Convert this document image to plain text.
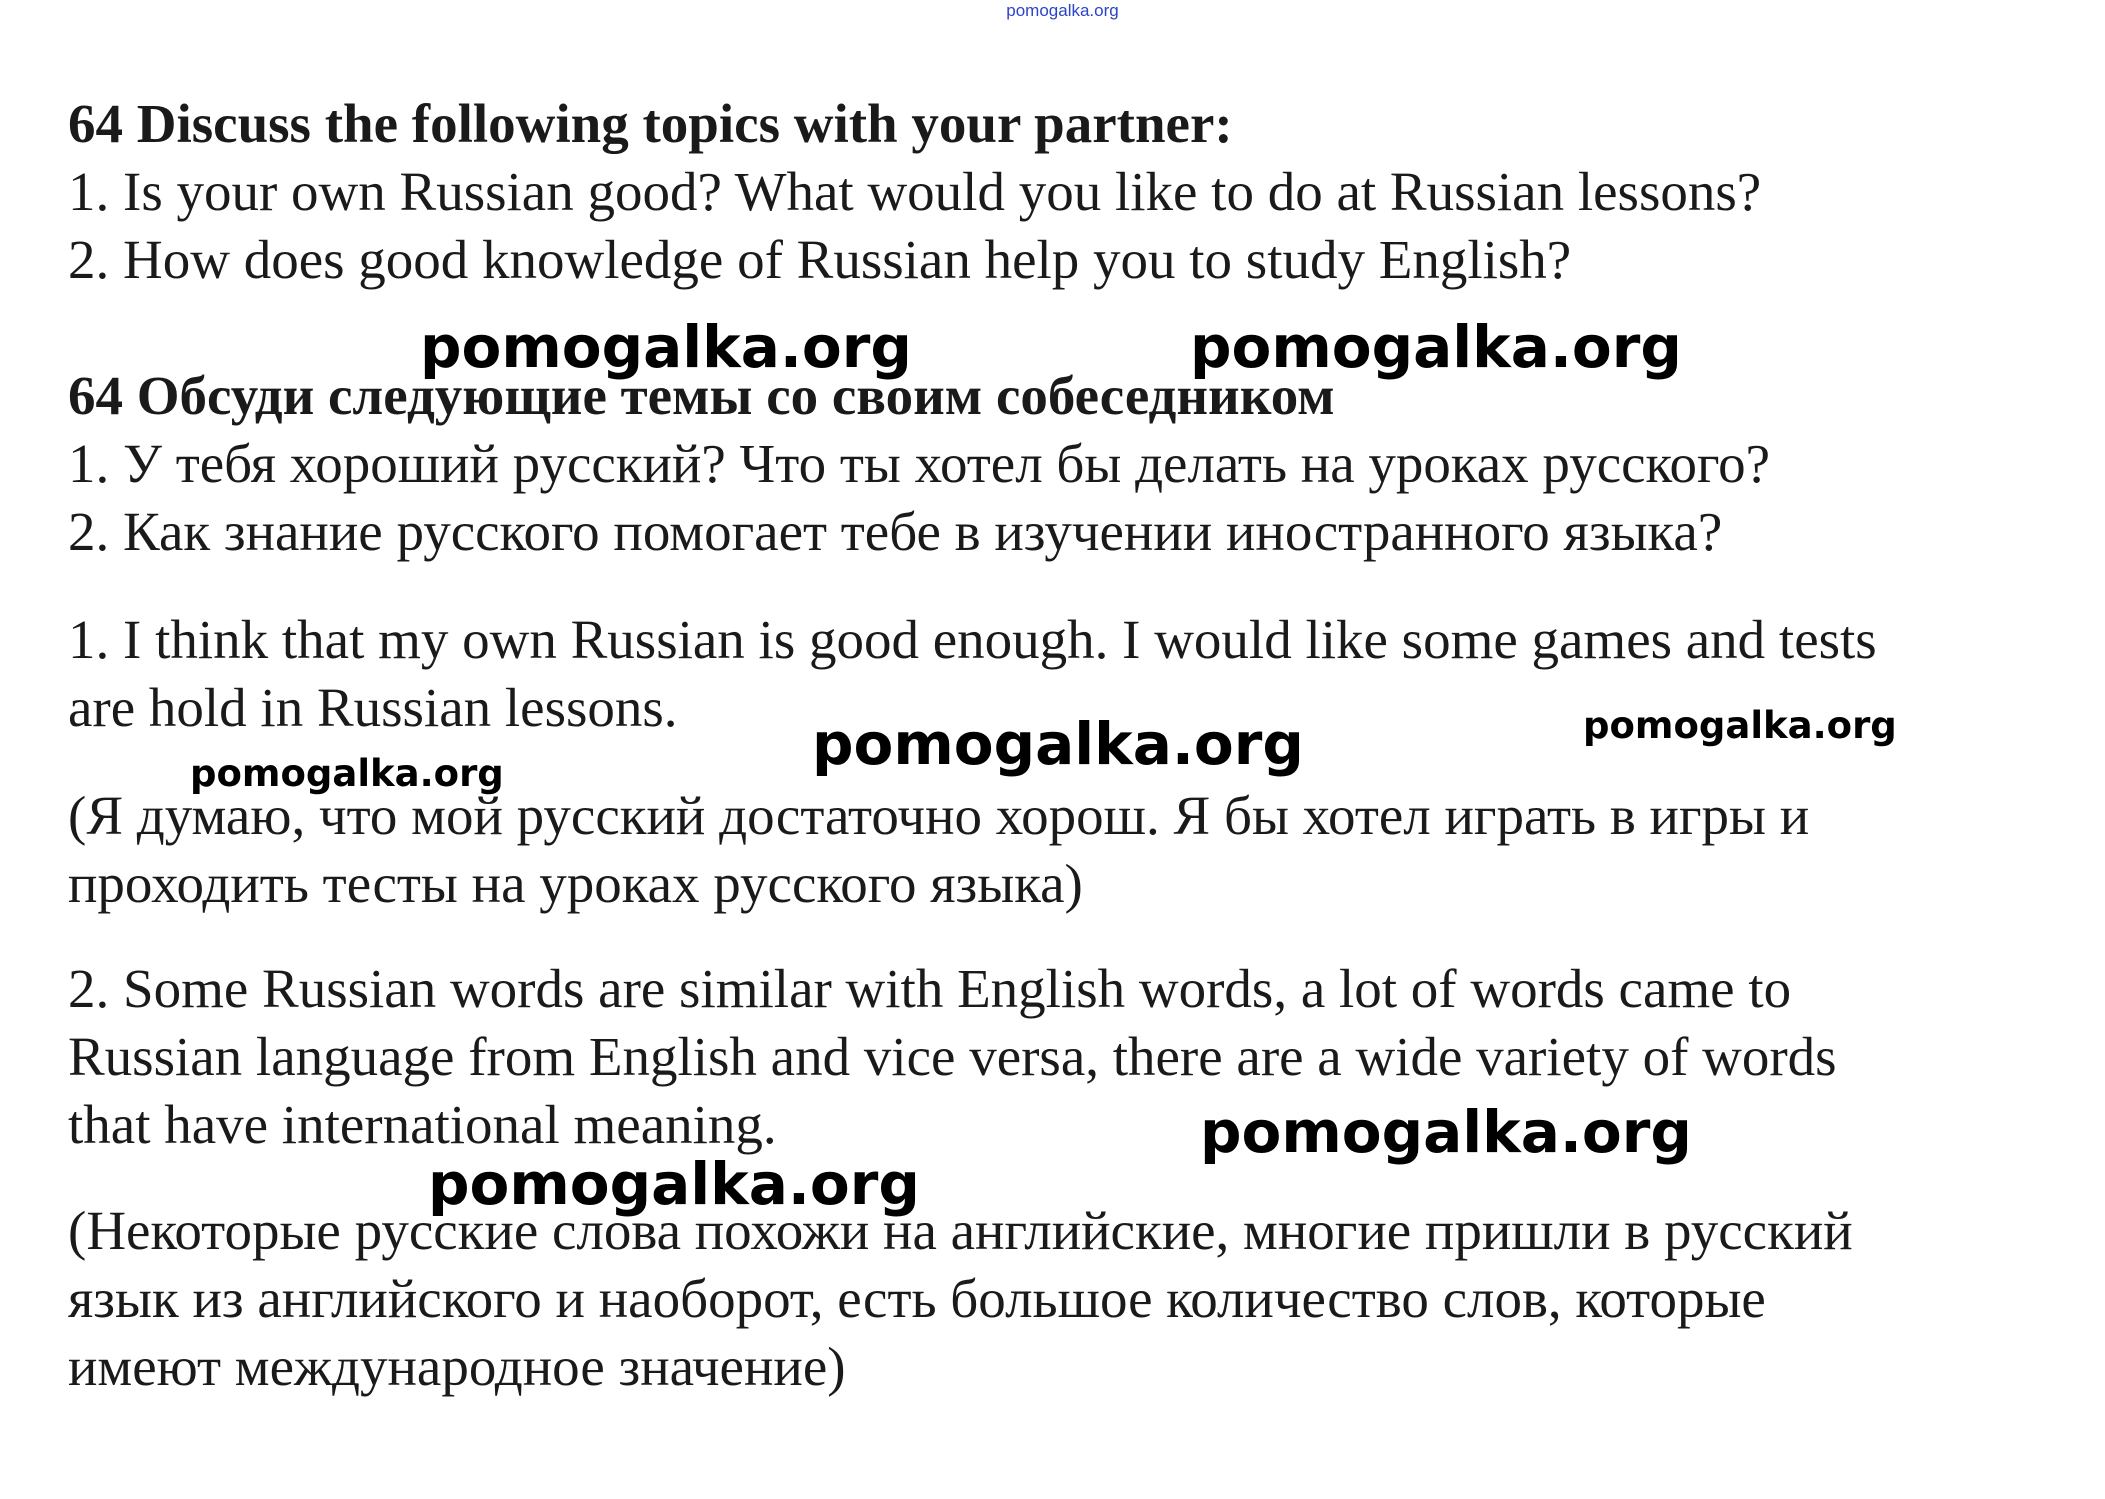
pomogalka.org
64 Discuss the following topics with your partner:
1. Is your own Russian good? What would you like to do at Russian lessons?
2. How does good knowledge of Russian help you to study English?
64 Обсуди следующие темы со своим собеседником
1. У тебя хороший русский? Что ты хотел бы делать на уроках русского?
2. Как знание русского помогает тебе в изучении иностранного языка?
1. I think that my own Russian is good enough. I would like some games and tests
are hold in Russian lessons.
(Я думаю, что мой русский достаточно хорош. Я бы хотел играть в игры и
проходить тесты на уроках русского языка)
2. Some Russian words are similar with English words, a lot of words came to
Russian language from English and vice versa, there are a wide variety of words
that have international meaning.
(Некоторые русские слова похожи на английские, многие пришли в русский
язык из английского и наоборот, есть большое количество слов, которые
имеют международное значение)
pomogalka.org	pomogalka.org
pomogalka.org	pomogalka.org
pomogalka.org
pomogalka.org
pomogalka.org
